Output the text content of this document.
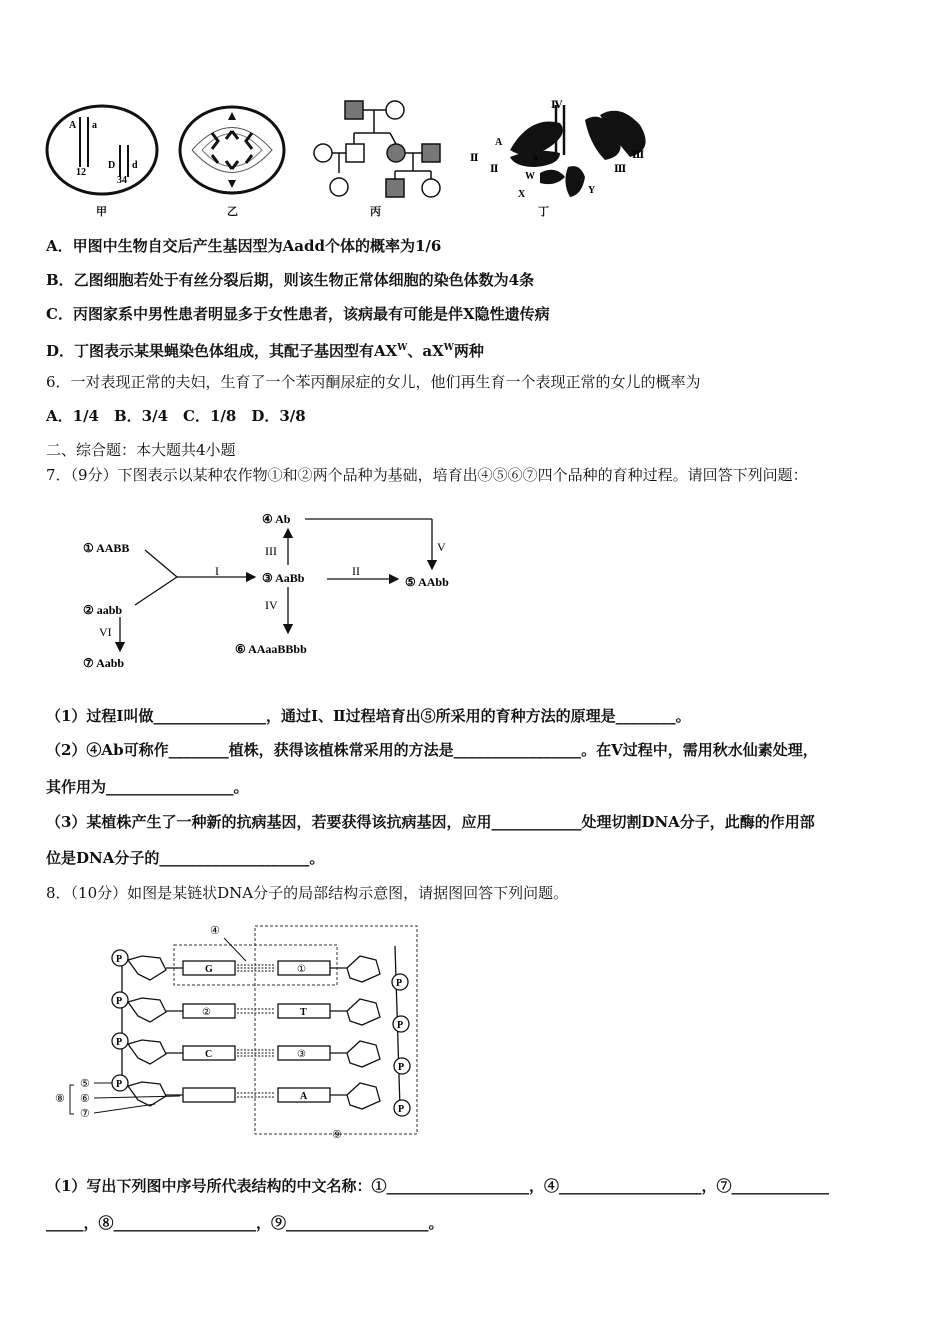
A a
12
D d
34
Ⅳ
A
a
Ⅱ
Ⅱ
Ⅲ
Ⅲ
W
X	Y
甲	乙	丙	丁
A．甲图中生物自交后产生基因型为Aadd个体的概率为1/6
B．乙图细胞若处于有丝分裂后期，则该生物正常体细胞的染色体数为4条
C．丙图家系中男性患者明显多于女性患者，该病最有可能是伴X隐性遗传病
D．丁图表示某果蝇染色体组成，其配子基因型有$AX^W$、$aX^W$两种
6．一对表现正常的夫妇，生育了一个苯丙酮尿症的女儿，他们再生育一个表现正常的女儿的概率为
A．1/4　B．3/4　C．1/8　D．3/8
二、综合题：本大题共4小题
7．（9分）下图表示以某种农作物①和②两个品种为基础，培育出④⑤⑥⑦四个品种的育种过程。请回答下列问题：
① AABB
② aabb
③ AaBb
④ Ab
⑤ AAbb
⑥ AAaaBBbb
⑦ Aabb
I	II
III
IV
V
VI
（1）过程I叫做_______________，通过I、Ⅱ过程培育出⑤所采用的育种方法的原理是________。
（2）④Ab可称作________植株，获得该植株常采用的方法是_________________。在V过程中，需用秋水仙素处理，
其作用为_________________。
（3）某植株产生了一种新的抗病基因，若要获得该抗病基因，应用____________处理切割DNA分子，此酶的作用部
位是DNA分子的____________________。
8．（10分）如图是某链状DNA分子的局部结构示意图，请据图回答下列问题。
P
G	①
P
P
②	T
P
P
C	③
P
P
A
P
④
⑨
⑤
⑥
⑦
⑧
（1）写出下列图中序号所代表结构的中文名称：①___________________，④___________________，⑦_____________
_____，⑧___________________，⑨___________________。
